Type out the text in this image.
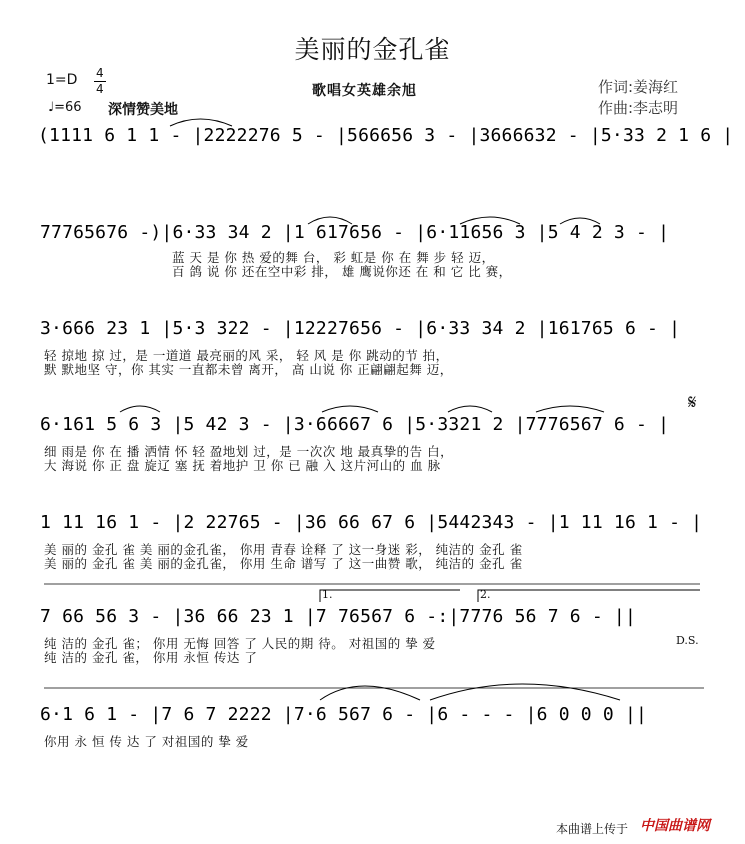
美丽的金孔雀
1=D 4
4
♩=66 深情赞美地
歌唱女英雄余旭	作词:姜海红
作曲:李志明
(1111 6 1 1 - |2222276 5 - |566656 3 - |3666632 - |5·33 2 1 6 |
77765676 -)|6·33 34 2 |1 617656 - |6·11656 3 |5 4 2 3 - |
蓝 天 是 你 热 爱的舞 台， 彩 虹是 你 在 舞 步 轻 迈，
百 鸽 说 你 还在空中彩 排， 雄 鹰说你还 在 和 它 比 赛，
3·666 23 1 |5·3 322 - |12227656 - |6·33 34 2 |161765 6 - |
轻 掠地 掠 过，是 一道道 最亮丽的风 采， 轻 风 是 你 跳动的节 拍，
默 默地坚 守，你 其实 一直都未曾 离开， 高 山说 你 正翩翩起舞 迈，
6·161 5 6 3 |5 42 3 - |3·66667 6 |5·3321 2 |7776567 6 - |
细 雨是 你 在 播 洒情 怀 轻 盈地划 过，是 一次次 地 最真挚的告 白，
大 海说 你 正 盘 旋辽 塞 抚 着地护 卫 你 已 融 入 这片河山的 血 脉
𝄋
1 11 16 1 - |2 22765 - |36 66 67 6 |5442343 - |1 11 16 1 - |
美 丽的 金孔 雀 美 丽的金孔雀， 你用 青春 诠释 了 这一身迷 彩， 纯洁的 金孔 雀
美 丽的 金孔 雀 美 丽的金孔雀， 你用 生命 谱写 了 这一曲赞 歌， 纯洁的 金孔 雀
1.	2.
7 66 56 3 - |36 66 23 1 |7 76567 6 -:|7776 56 7 6 - ||
纯 洁的 金孔 雀； 你用 无悔 回答 了 人民的期 待。 对祖国的 挚 爱
纯 洁的 金孔 雀， 你用 永恒 传达 了
D.S.
6·1 6 1 - |7 6 7 2222 |7·6 567 6 - |6 - - - |6 0 0 0 ||
你用 永 恒 传 达 了 对祖国的 挚 爱
本曲谱上传于 中国曲谱网
